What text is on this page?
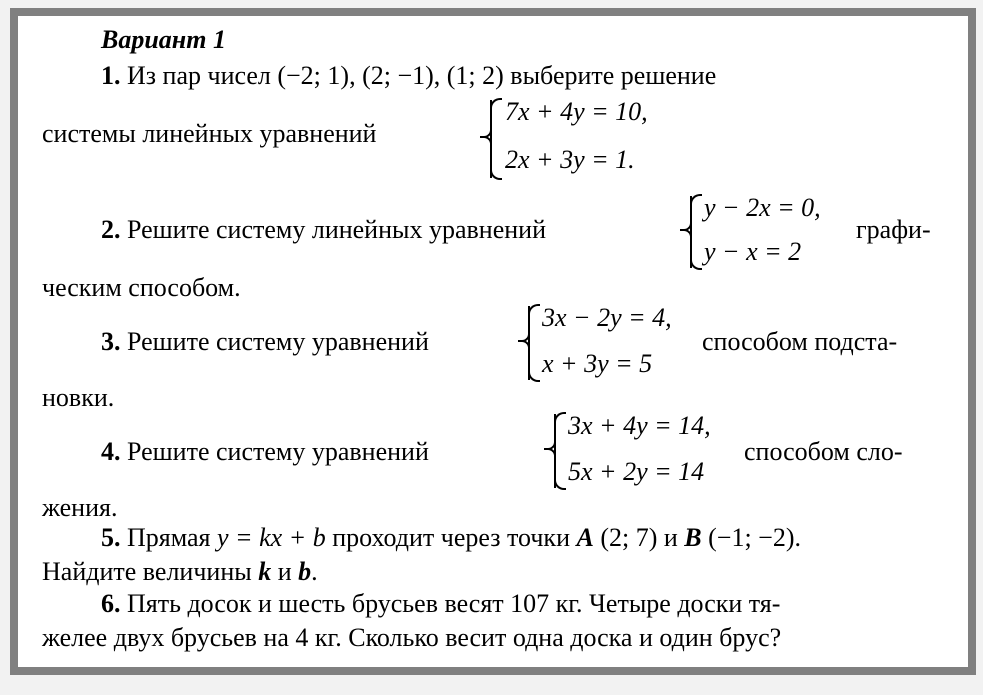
Вариант 1
1. Из пар чисел (−2; 1), (2; −1), (1; 2) выберите решение
системы линейных уравнений
7x + 4y = 10,
2x + 3y = 1.
2. Решите систему линейных уравнений
y − 2x = 0,
y − x = 2
графи-
ческим способом.
3. Решите систему уравнений
3x − 2y = 4,
x + 3y = 5
способом подста-
новки.
4. Решите систему уравнений
3x + 4y = 14,
5x + 2y = 14
способом сло-
жения.
5. Прямая y = kx + b проходит через точки A (2; 7) и B (−1; −2).
Найдите величины k и b.
6. Пять досок и шесть брусьев весят 107 кг. Четыре доски тя-
желее двух брусьев на 4 кг. Сколько весит одна доска и один брус?
